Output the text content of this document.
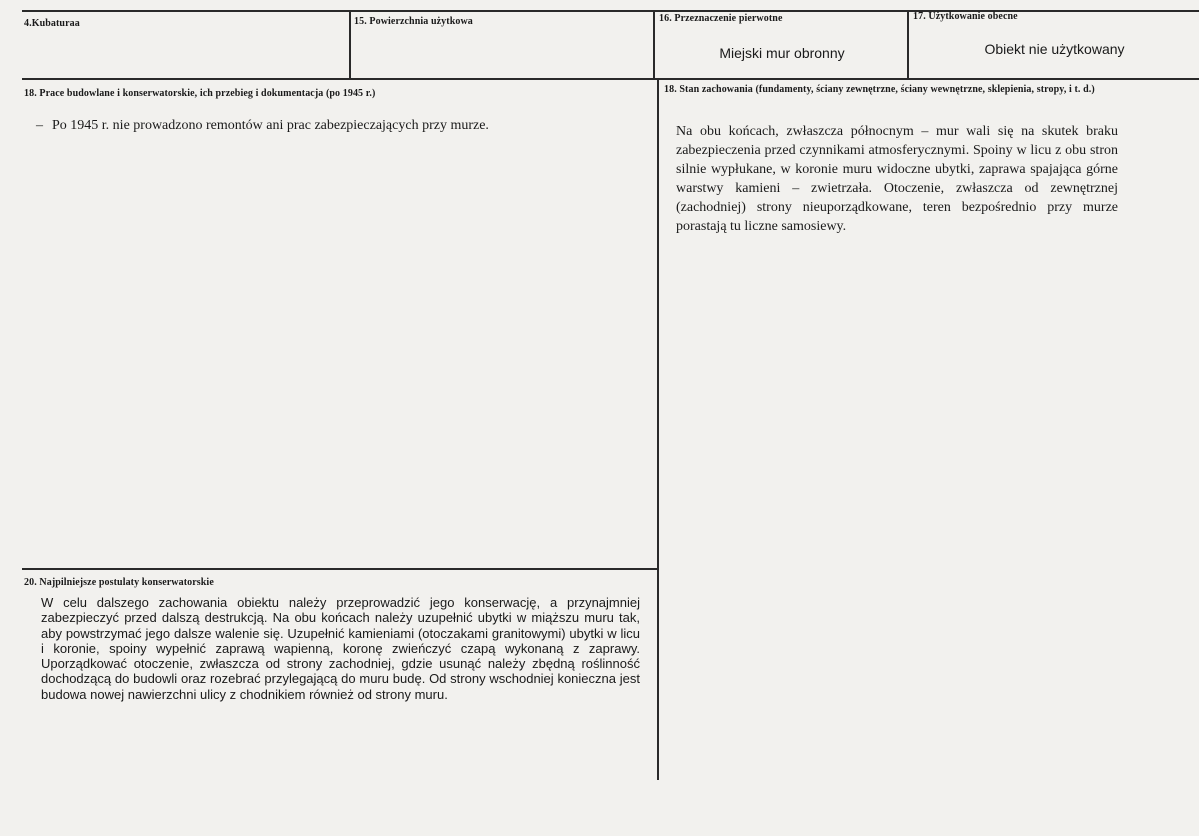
4.Kubaturaa	15. Powierzchnia użytkowa	16. Przeznaczenie pierwotne
Miejski mur obronny
17. Użytkowanie obecne
Obiekt nie użytkowany
18. Prace budowlane i konserwatorskie, ich przebieg i dokumentacja (po 1945 r.)
– Po 1945 r. nie prowadzono remontów ani prac zabezpieczających przy murze.
18. Stan zachowania (fundamenty, ściany zewnętrzne, ściany wewnętrzne, sklepienia, stropy, i t. d.)
Na obu końcach, zwłaszcza północnym – mur wali się na skutek braku zabezpieczenia przed czynnikami atmosferycznymi. Spoiny w licu z obu stron silnie wypłukane, w koronie muru widoczne ubytki, zaprawa spajająca górne warstwy kamieni – zwietrzała. Otoczenie, zwłaszcza od zewnętrznej (zachodniej) strony nieuporządkowane, teren bezpośrednio przy murze porastają tu liczne samosiewy.
20. Najpilniejsze postulaty konserwatorskie
W celu dalszego zachowania obiektu należy przeprowadzić jego konserwację, a przynajmniej zabezpieczyć przed dalszą destrukcją. Na obu końcach należy uzupełnić ubytki w miąższu muru tak, aby powstrzymać jego dalsze walenie się. Uzupełnić kamieniami (otoczakami granitowymi) ubytki w licu i koronie, spoiny wypełnić zaprawą wapienną, koronę zwieńczyć czapą wykonaną z zaprawy. Uporządkować otoczenie, zwłaszcza od strony zachodniej, gdzie usunąć należy zbędną roślinność dochodzącą do budowli oraz rozebrać przylegającą do muru budę. Od strony wschodniej konieczna jest budowa nowej nawierzchni ulicy z chodnikiem również od strony muru.
